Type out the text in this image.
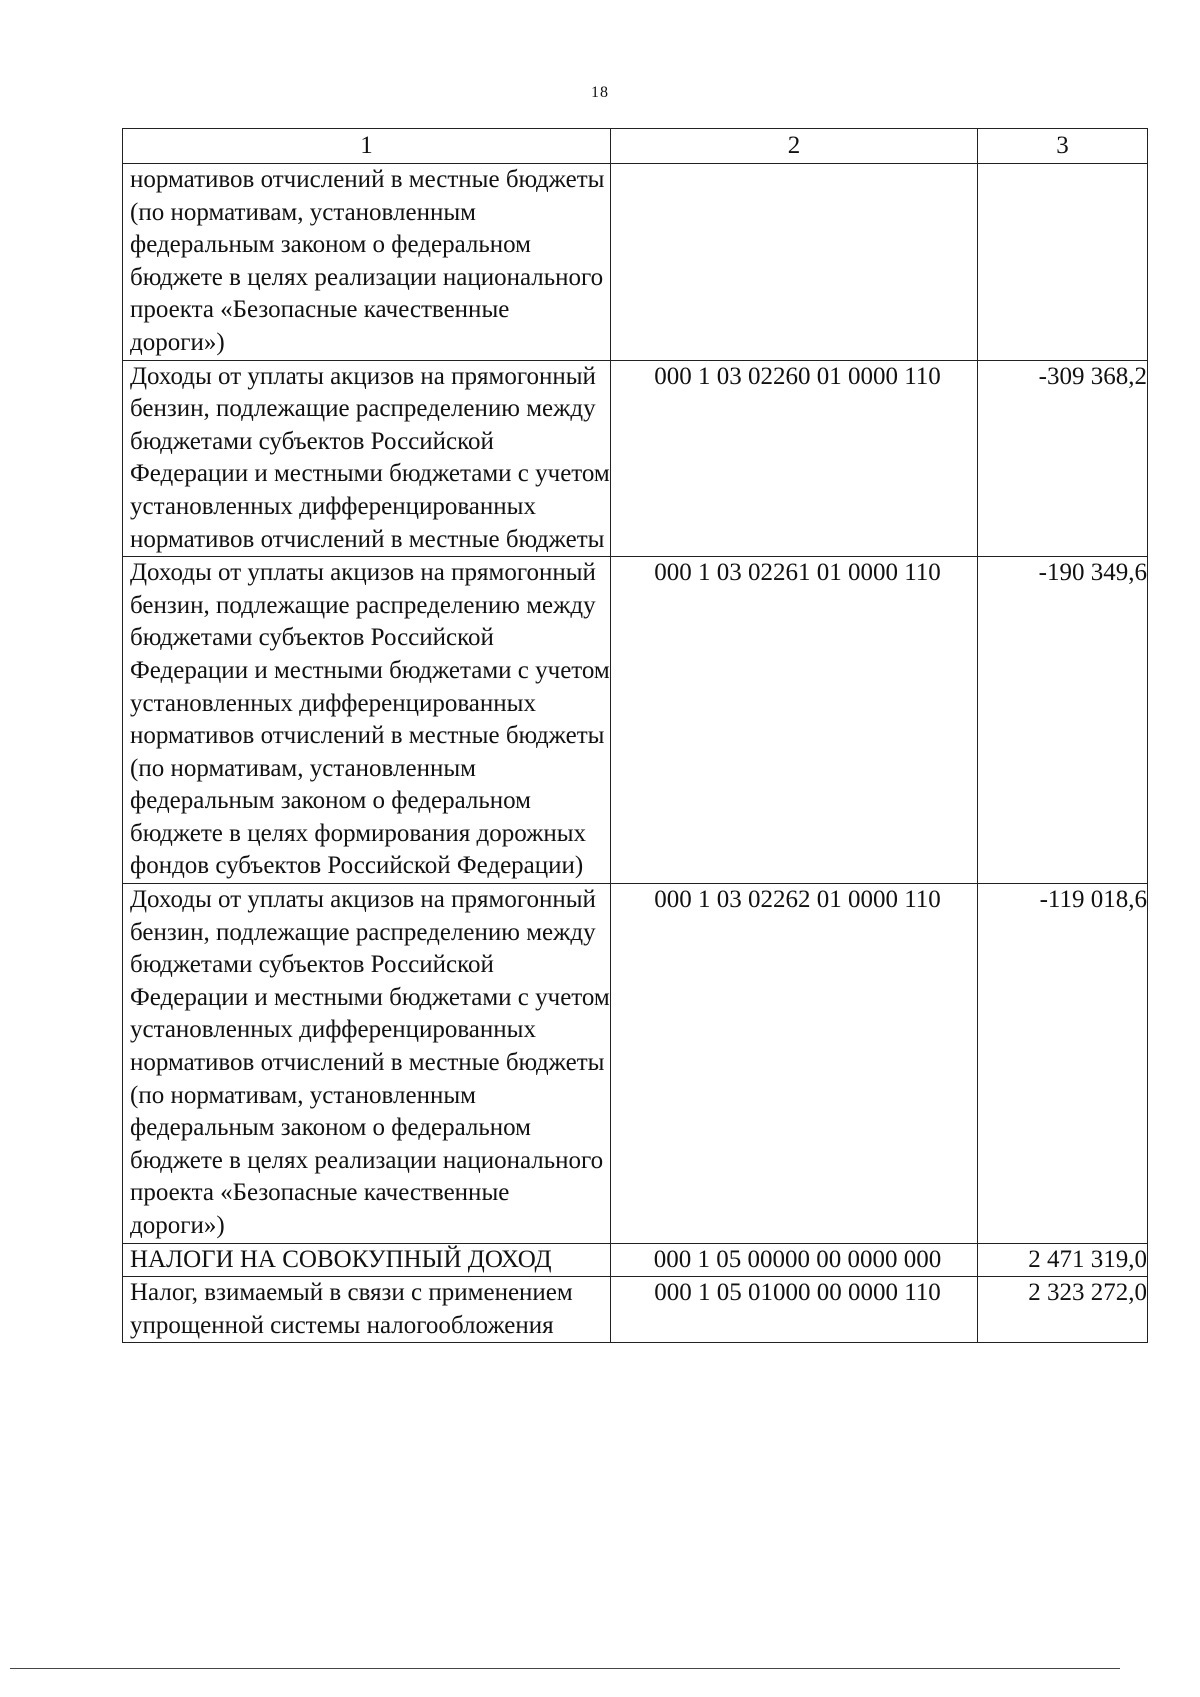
18
1	2	3
нормативов отчислений в местные бюджеты (по нормативам, установленным федеральным законом о федеральном бюджете в целях реализации национального проекта «Безопасные качественные дороги»)		
Доходы от уплаты акцизов на прямогонный бензин, подлежащие распределению между бюджетами субъектов Российской Федерации и местными бюджетами с учетом установленных дифференцированных нормативов отчислений в местные бюджеты	000 1 03 02260 01 0000 110	-309 368,2
Доходы от уплаты акцизов на прямогонный бензин, подлежащие распределению между бюджетами субъектов Российской Федерации и местными бюджетами с учетом установленных дифференцированных нормативов отчислений в местные бюджеты (по нормативам, установленным федеральным законом о федеральном бюджете в целях формирования дорожных фондов субъектов Российской Федерации)	000 1 03 02261 01 0000 110	-190 349,6
Доходы от уплаты акцизов на прямогонный бензин, подлежащие распределению между бюджетами субъектов Российской Федерации и местными бюджетами с учетом установленных дифференцированных нормативов отчислений в местные бюджеты (по нормативам, установленным федеральным законом о федеральном бюджете в целях реализации национального проекта «Безопасные качественные дороги»)	000 1 03 02262 01 0000 110	-119 018,6
НАЛОГИ НА СОВОКУПНЫЙ ДОХОД	000 1 05 00000 00 0000 000	2 471 319,0
Налог, взимаемый в связи с применением упрощенной системы налогообложения	000 1 05 01000 00 0000 110	2 323 272,0
